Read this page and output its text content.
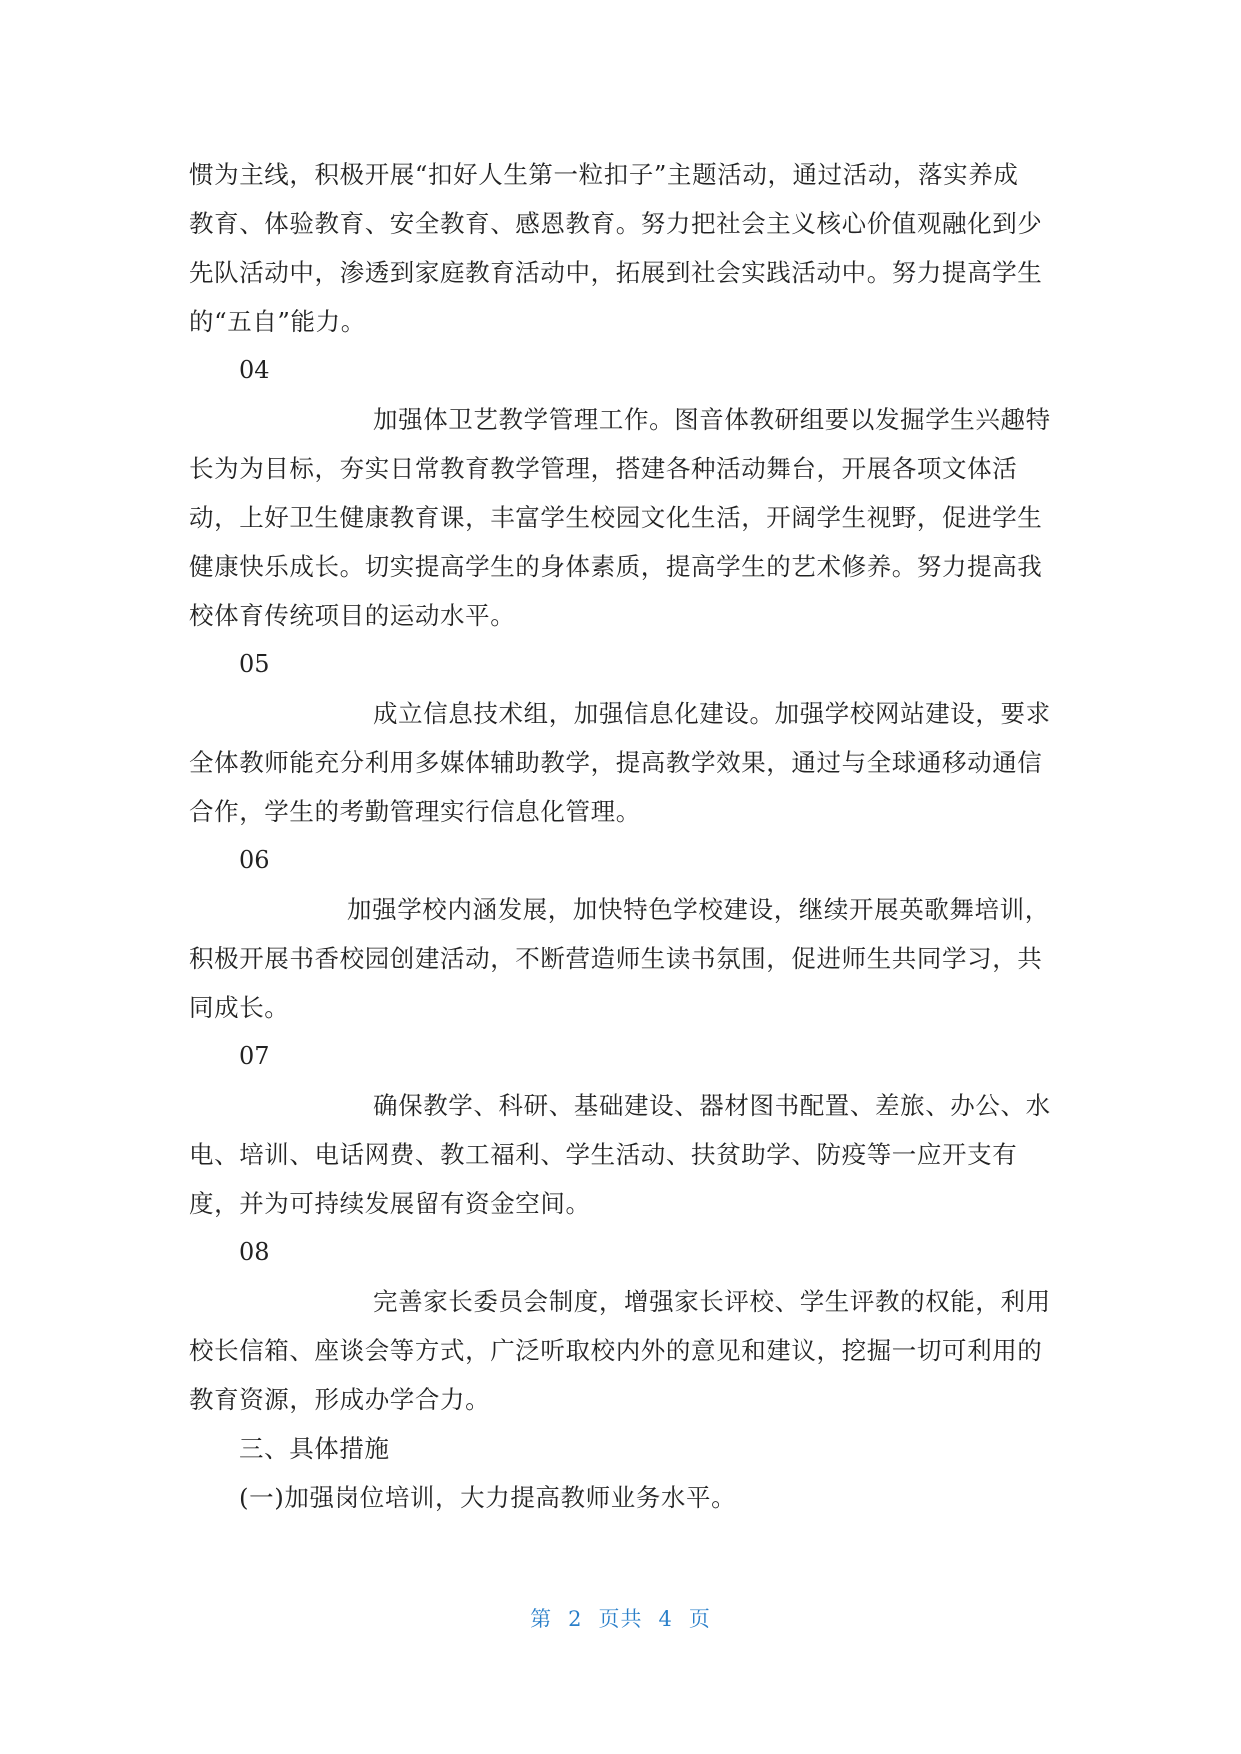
惯为主线，积极开展“扣好人生第一粒扣子”主题活动，通过活动，落实养成
教育、体验教育、安全教育、感恩教育。努力把社会主义核心价值观融化到少
先队活动中，渗透到家庭教育活动中，拓展到社会实践活动中。努力提高学生
的“五自”能力。

04

加强体卫艺教学管理工作。图音体教研组要以发掘学生兴趣特
长为为目标，夯实日常教育教学管理，搭建各种活动舞台，开展各项文体活
动，上好卫生健康教育课，丰富学生校园文化生活，开阔学生视野，促进学生
健康快乐成长。切实提高学生的身体素质，提高学生的艺术修养。努力提高我
校体育传统项目的运动水平。

05

成立信息技术组，加强信息化建设。加强学校网站建设，要求
全体教师能充分利用多媒体辅助教学，提高教学效果，通过与全球通移动通信
合作，学生的考勤管理实行信息化管理。

06

加强学校内涵发展，加快特色学校建设，继续开展英歌舞培训，
积极开展书香校园创建活动，不断营造师生读书氛围，促进师生共同学习，共
同成长。

07

确保教学、科研、基础建设、器材图书配置、差旅、办公、水
电、培训、电话网费、教工福利、学生活动、扶贫助学、防疫等一应开支有
度，并为可持续发展留有资金空间。

08

完善家长委员会制度，增强家长评校、学生评教的权能，利用
校长信箱、座谈会等方式，广泛听取校内外的意见和建议，挖掘一切可利用的
教育资源，形成办学合力。

三、具体措施

(一)加强岗位培训，大力提高教师业务水平。

第 2 页共 4 页
